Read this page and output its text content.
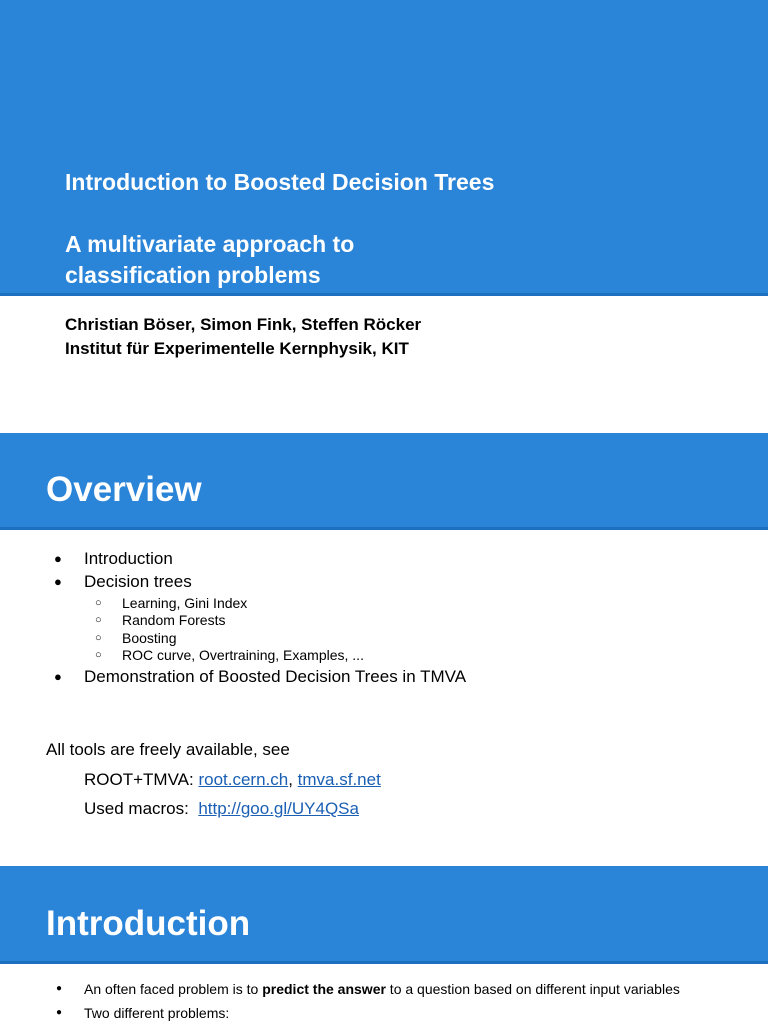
Introduction to Boosted Decision Trees
A multivariate approach to
classification problems
Christian Böser, Simon Fink, Steffen Röcker
Institut für Experimentelle Kernphysik, KIT
Overview
● Introduction
● Decision trees
○ Learning, Gini Index
○ Random Forests
○ Boosting
○ ROC curve, Overtraining, Examples, ...
● Demonstration of Boosted Decision Trees in TMVA
All tools are freely available, see
ROOT+TMVA: root.cern.ch, tmva.sf.net
Used macros:  http://goo.gl/UY4QSa
Introduction
● An often faced problem is to predict the answer to a question based on different input variables
● Two different problems:
